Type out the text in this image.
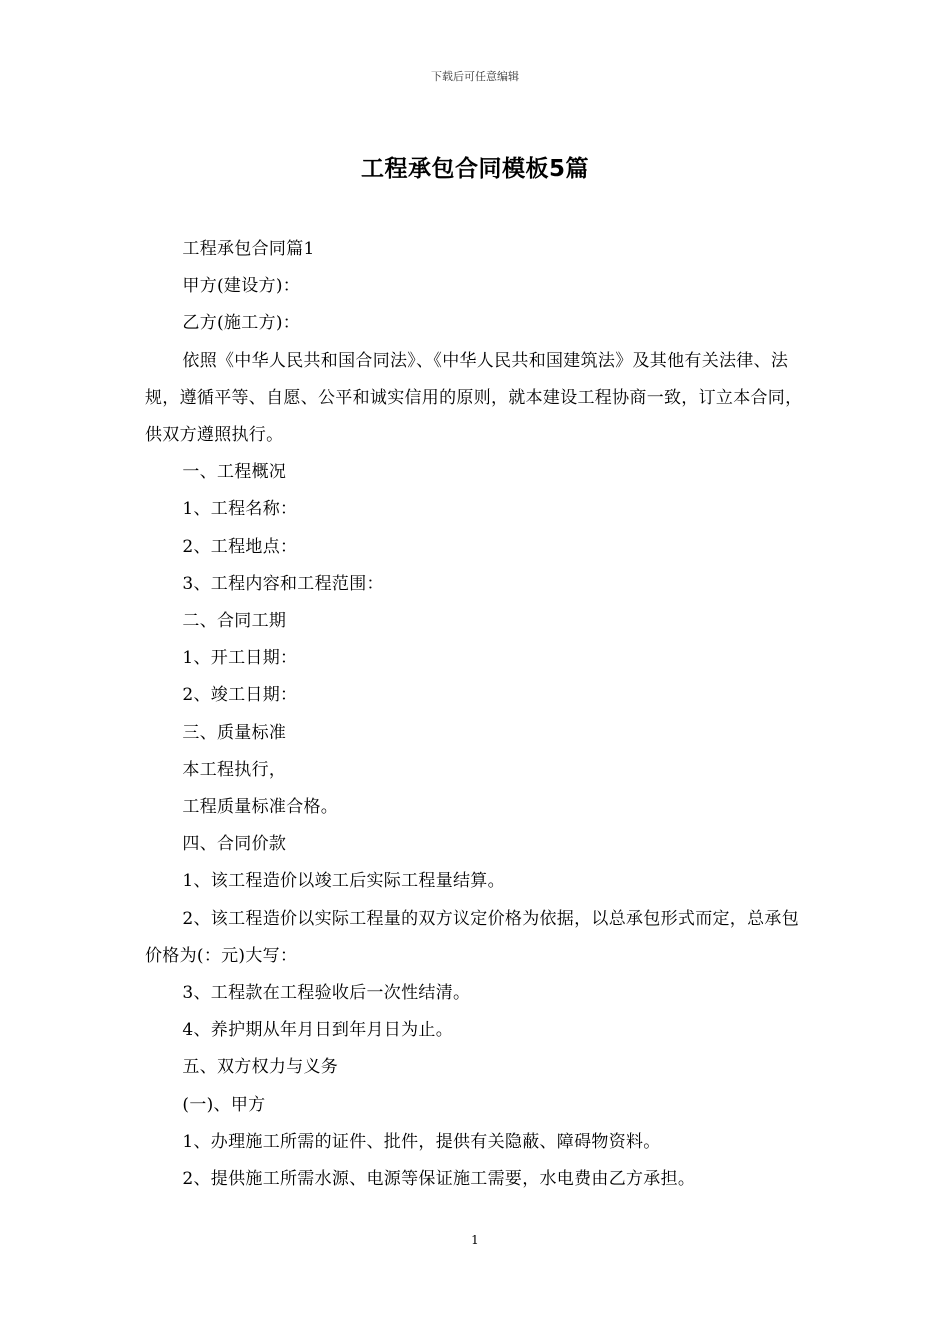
下载后可任意编辑
工程承包合同模板5篇

工程承包合同篇1

甲方(建设方)：

乙方(施工方)：

依照《中华人民共和国合同法》、《中华人民共和国建筑法》及其他有关法律、法规，遵循平等、自愿、公平和诚实信用的原则，就本建设工程协商一致，订立本合同，供双方遵照执行。

一、工程概况

1、工程名称：

2、工程地点：

3、工程内容和工程范围：

二、合同工期

1、开工日期：

2、竣工日期：

三、质量标准

本工程执行，

工程质量标准合格。

四、合同价款

1、该工程造价以竣工后实际工程量结算。

2、该工程造价以实际工程量的双方议定价格为依据，以总承包形式而定，总承包价格为(：元)大写：

3、工程款在工程验收后一次性结清。

4、养护期从年月日到年月日为止。

五、双方权力与义务

(一)、甲方

1、办理施工所需的证件、批件，提供有关隐蔽、障碍物资料。

2、提供施工所需水源、电源等保证施工需要，水电费由乙方承担。

1
